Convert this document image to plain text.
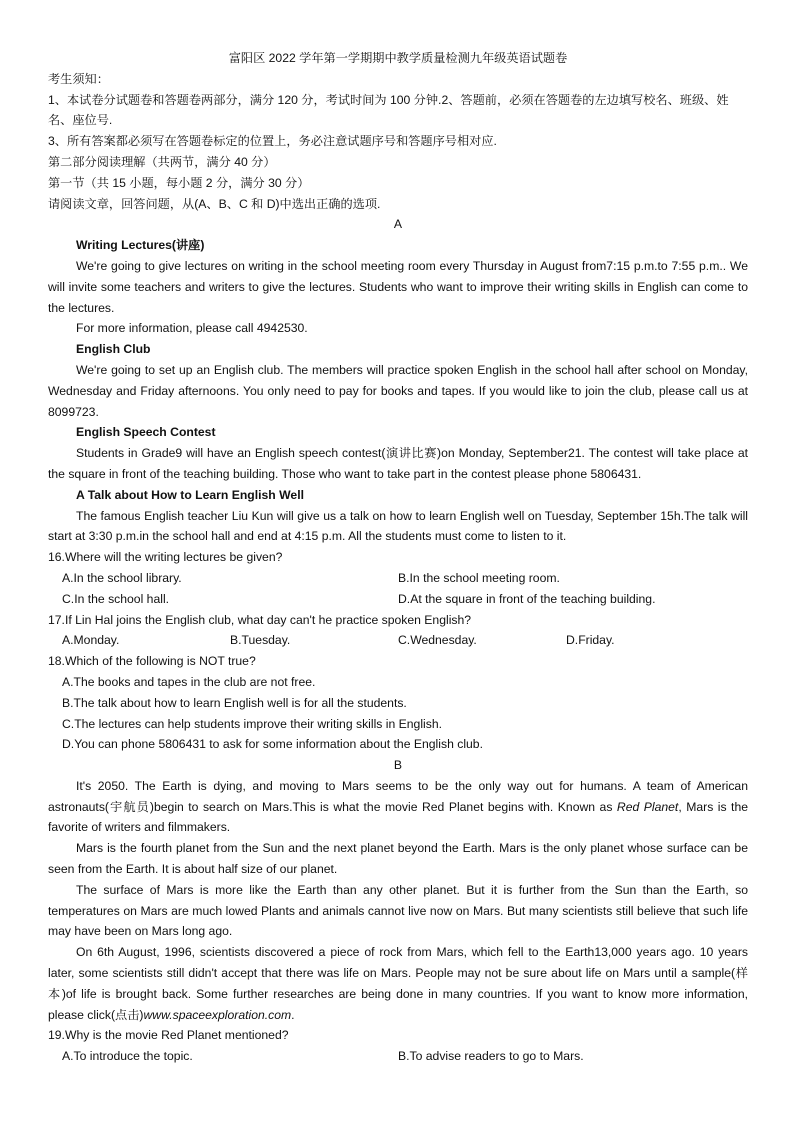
富阳区 2022 学年第一学期期中教学质量检测九年级英语试题卷

考生须知：

1、本试卷分试题卷和答题卷两部分，满分 120 分，考试时间为 100 分钟.2、答题前，必须在答题卷的左边填写校名、班级、姓名、座位号.

3、所有答案都必须写在答题卷标定的位置上，务必注意试题序号和答题序号相对应.

第二部分阅读理解（共两节，满分 40 分）

第一节（共 15 小题，每小题 2 分，满分 30 分）

请阅读文章，回答问题，从(A、B、C 和 D)中选出正确的选项.

A

Writing Lectures(讲座)

We're going to give lectures on writing in the school meeting room every Thursday in August from7:15 p.m.to 7:55 p.m.. We will invite some teachers and writers to give the lectures. Students who want to improve their writing skills in English can come to the lectures.

For more information, please call 4942530.

English Club

We're going to set up an English club. The members will practice spoken English in the school hall after school on Monday, Wednesday and Friday afternoons. You only need to pay for books and tapes. If you would like to join the club, please call us at 8099723.

English Speech Contest

Students in Grade9 will have an English speech contest(演讲比赛)on Monday, September21. The contest will take place at the square in front of the teaching building. Those who want to take part in the contest please phone 5806431.

A Talk about How to Learn English Well

The famous English teacher Liu Kun will give us a talk on how to learn English well on Tuesday, September 15h.The talk will start at 3:30 p.m.in the school hall and end at 4:15 p.m. All the students must come to listen to it.

16.Where will the writing lectures be given?

A.In the school library.	B.In the school meeting room.
C.In the school hall.	D.At the square in front of the teaching building.

17.If Lin Hal joins the English club, what day can't he practice spoken English?

A.Monday.	B.Tuesday.	C.Wednesday.	D.Friday.

18.Which of the following is NOT true?

A.The books and tapes in the club are not free.

B.The talk about how to learn English well is for all the students.

C.The lectures can help students improve their writing skills in English.

D.You can phone 5806431 to ask for some information about the English club.

B

It's 2050. The Earth is dying, and moving to Mars seems to be the only way out for humans. A team of American astronauts(宇航员)begin to search on Mars.This is what the movie Red Planet begins with. Known as Red Planet, Mars is the favorite of writers and filmmakers.

Mars is the fourth planet from the Sun and the next planet beyond the Earth. Mars is the only planet whose surface can be seen from the Earth. It is about half size of our planet.

The surface of Mars is more like the Earth than any other planet. But it is further from the Sun than the Earth, so temperatures on Mars are much lowed Plants and animals cannot live now on Mars. But many scientists still believe that such life may have been on Mars long ago.

On 6th August, 1996, scientists discovered a piece of rock from Mars, which fell to the Earth13,000 years ago. 10 years later, some scientists still didn't accept that there was life on Mars. People may not be sure about life on Mars until a sample(样本)of life is brought back. Some further researches are being done in many countries. If you want to know more information, please click(点击)www.spaceexploration.com.

19.Why is the movie Red Planet mentioned?

A.To introduce the topic.	B.To advise readers to go to Mars.
